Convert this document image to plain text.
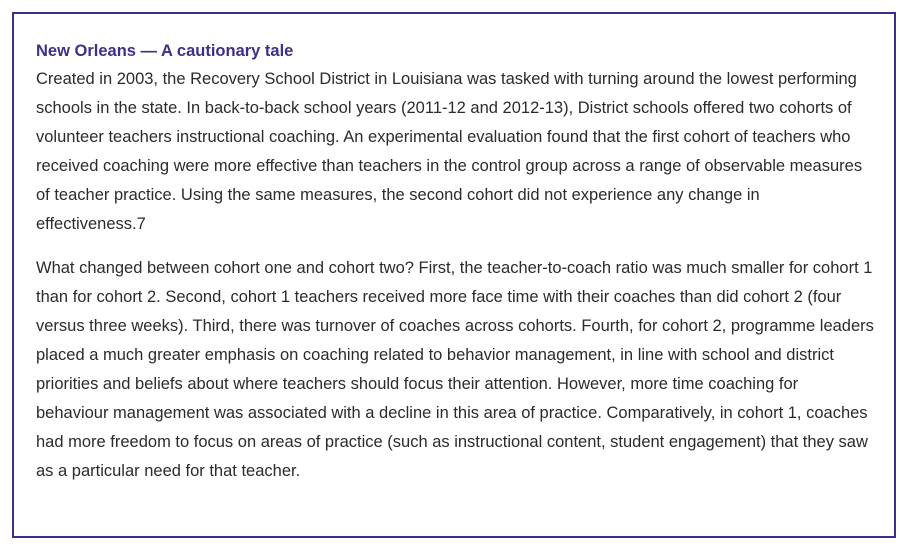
New Orleans — A cautionary tale

Created in 2003, the Recovery School District in Louisiana was tasked with turning around the lowest performing schools in the state. In back-to-back school years (2011-12 and 2012-13), District schools offered two cohorts of volunteer teachers instructional coaching. An experimental evaluation found that the first cohort of teachers who received coaching were more effective than teachers in the control group across a range of observable measures of teacher practice. Using the same measures, the second cohort did not experience any change in effectiveness.7

What changed between cohort one and cohort two? First, the teacher-to-coach ratio was much smaller for cohort 1 than for cohort 2. Second, cohort 1 teachers received more face time with their coaches than did cohort 2 (four versus three weeks). Third, there was turnover of coaches across cohorts. Fourth, for cohort 2, programme leaders placed a much greater emphasis on coaching related to behavior management, in line with school and district priorities and beliefs about where teachers should focus their attention. However, more time coaching for behaviour management was associated with a decline in this area of practice. Comparatively, in cohort 1, coaches had more freedom to focus on areas of practice (such as instructional content, student engagement) that they saw as a particular need for that teacher.
